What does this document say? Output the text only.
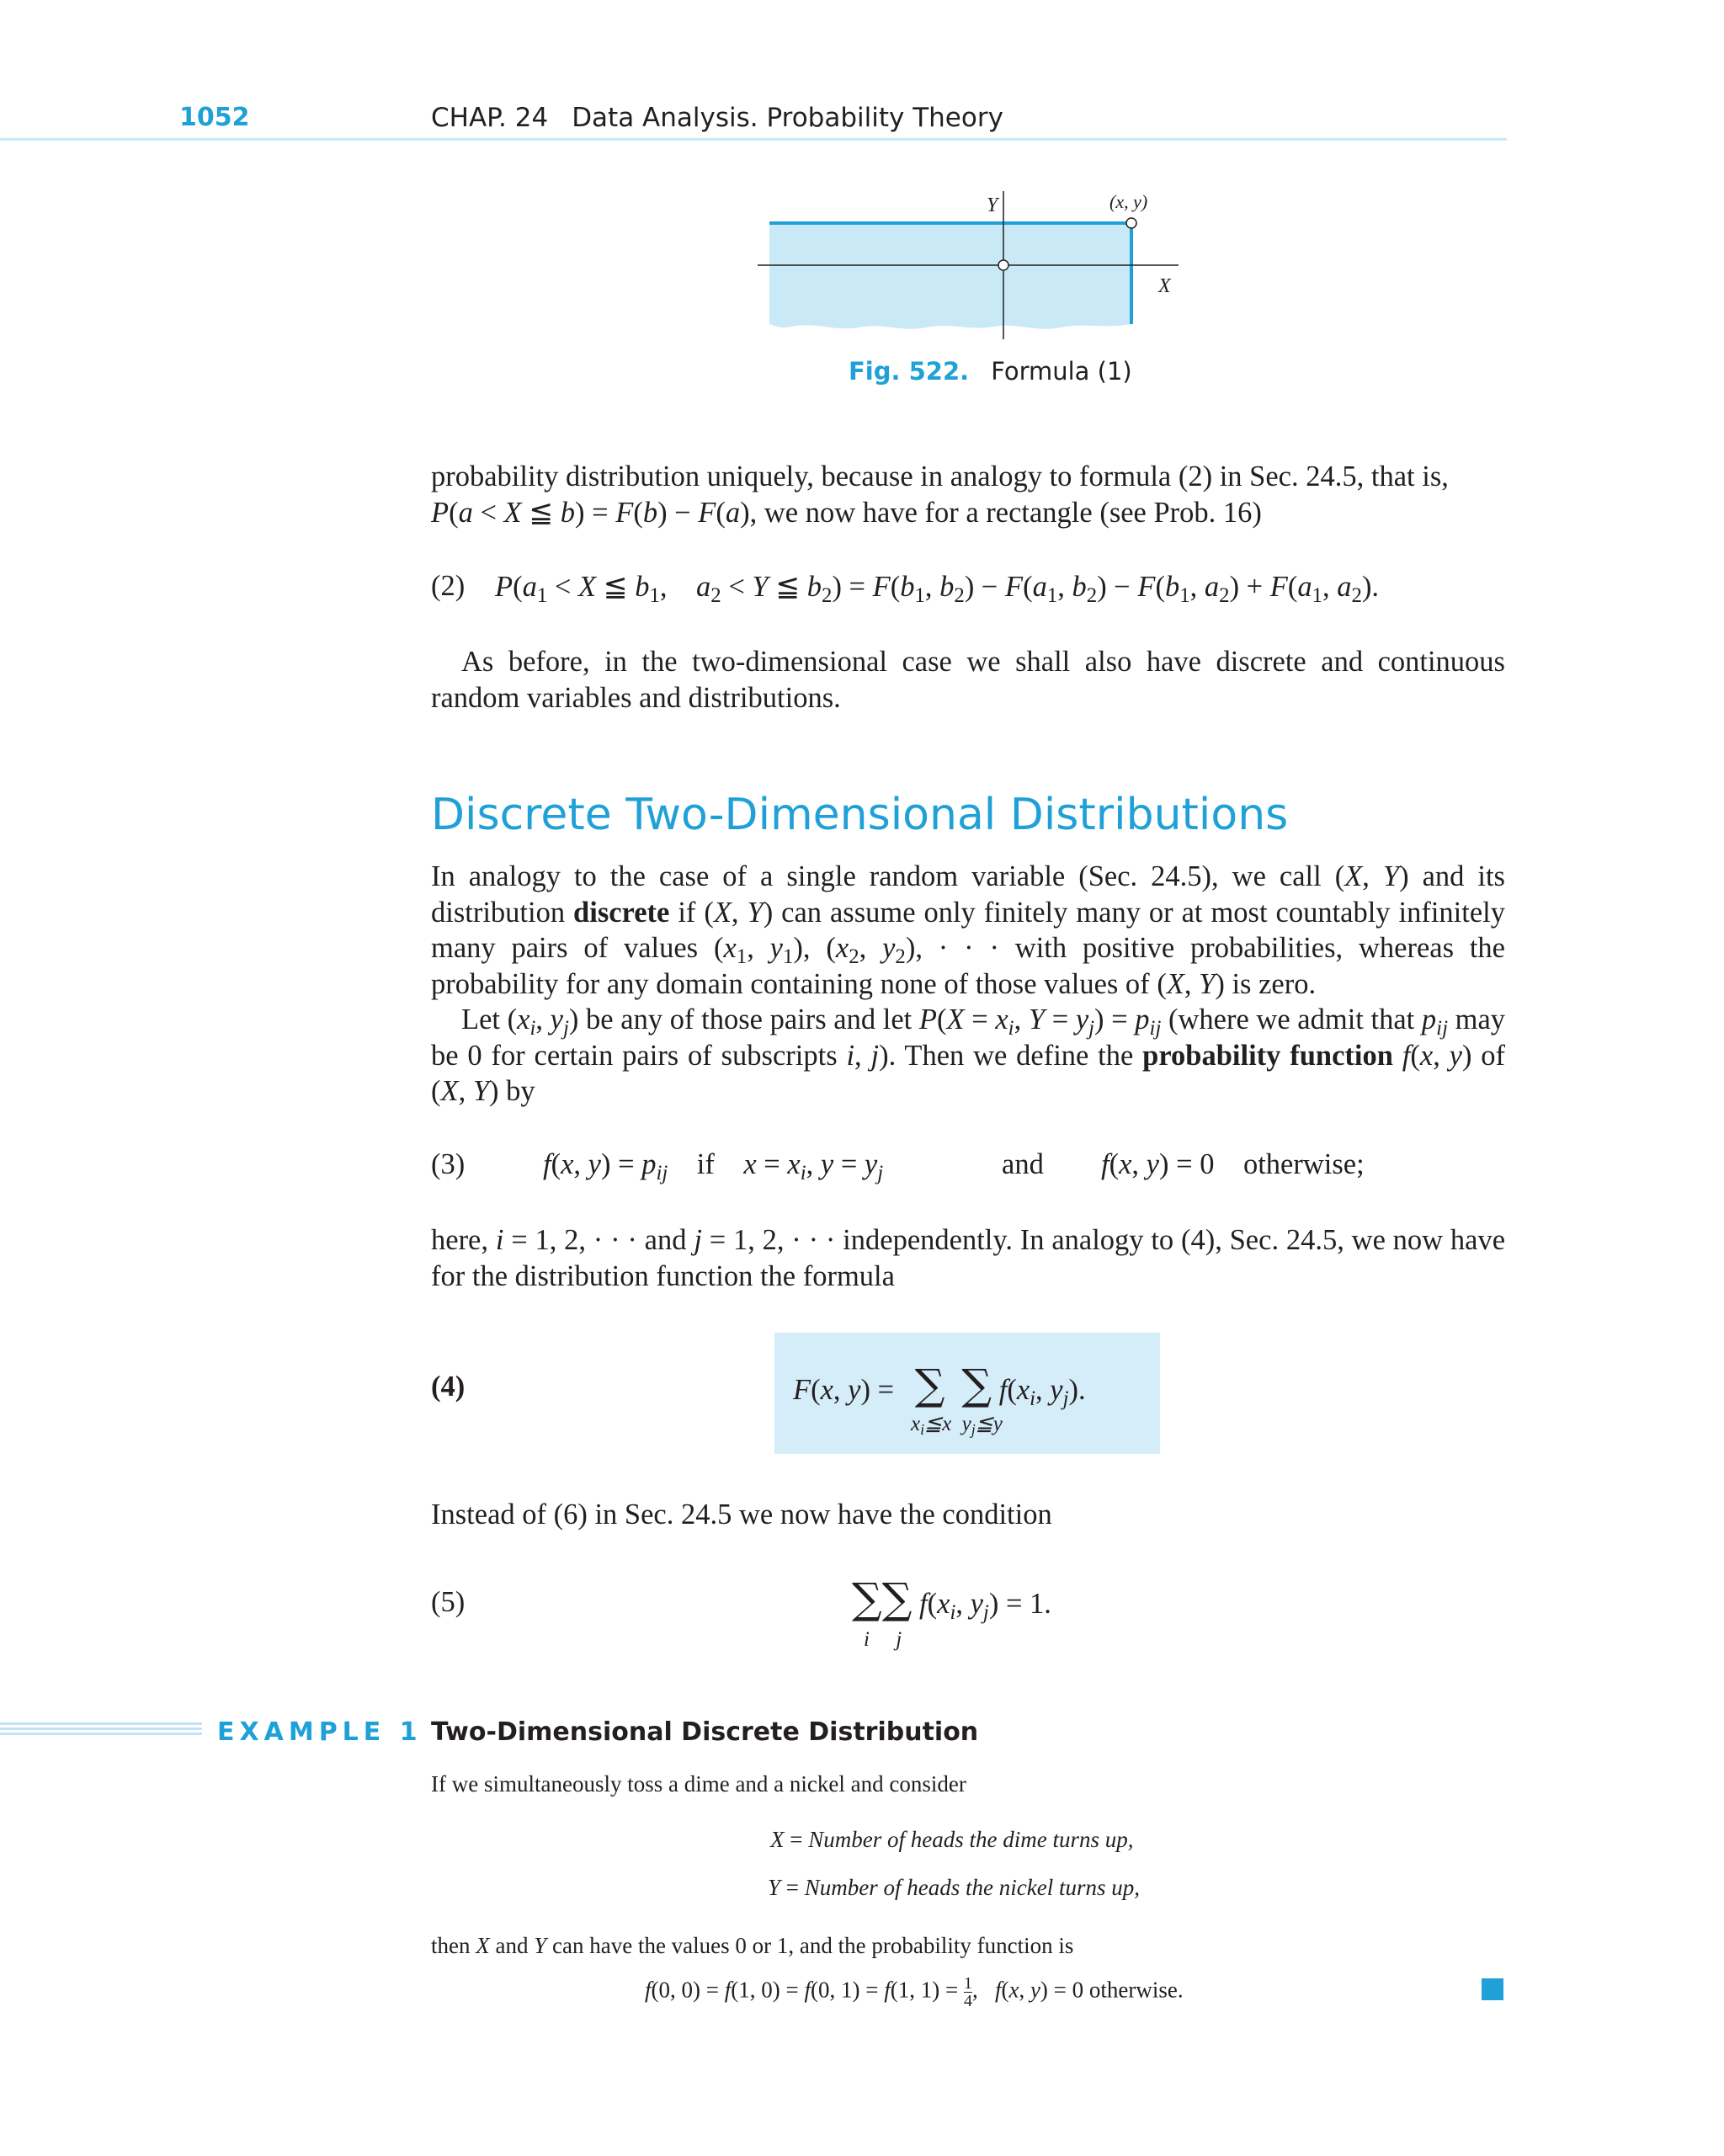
1052	CHAP. 24 Data Analysis. Probability Theory
Y
X
(x, y)
Fig. 522. Formula (1)

probability distribution uniquely, because in analogy to formula (2) in Sec. 24.5, that is,

P(a < X ≦ b) = F(b) − F(a), we now have for a rectangle (see Prob. 16)

(2) $P(a_1 < X$ ≦ $b_1$,    $a_2 < Y$ ≦ $b_2) = F(b_1$, $b_2) - F(a_1$, $b_2) - F(b_1$, $a_2) + F(a_1$, $a_2$).

As before, in the two-dimensional case we shall also have discrete and continuous random variables and distributions.

Discrete Two-Dimensional Distributions

In analogy to the case of a single random variable (Sec. 24.5), we call (X, Y) and its distribution discrete if (X, Y) can assume only finitely many or at most countably infinitely many pairs of values ($x_1$, $y_1$), ($x_2$, $y_2$), · · · with positive probabilities, whereas the probability for any domain containing none of those values of (X, Y) is zero.

Let ($x_i$, $y_j$) be any of those pairs and let $P(X = x_i$, $Y = y_j) = p_{ij}$ (where we admit that $p_{ij}$ may be 0 for certain pairs of subscripts i, j). Then we define the probability function f(x, y) of (X, Y) by

(3)	f(x, $y) = p_{ij}$ if $x = x_i$, $y = y_j$	and f(x, y) = 0    otherwise;

here, i = 1, 2, · · · and j = 1, 2, · · · independently. In analogy to (4), Sec. 24.5, we now have for the distribution function the formula

(4)	F(x, y) = ∑ ∑ $f(x_i$, $y_j$).
$x_i≦x$  $y_j≦y$

Instead of (6) in Sec. 24.5 we now have the condition

(5)	∑∑ $f(x_i$, $y_j) = 1$.
i     j
EXAMPLE 1 Two-Dimensional Discrete Distribution
If we simultaneously toss a dime and a nickel and consider
X = Number of heads the dime turns up,
Y = Number of heads the nickel turns up,
then X and Y can have the values 0 or 1, and the probability function is
f(0, 0) = f(1, 0) = f(0, 1) = f(1, $1) = \frac{1}{4}$ ,   f(x, y) = 0 otherwise.
